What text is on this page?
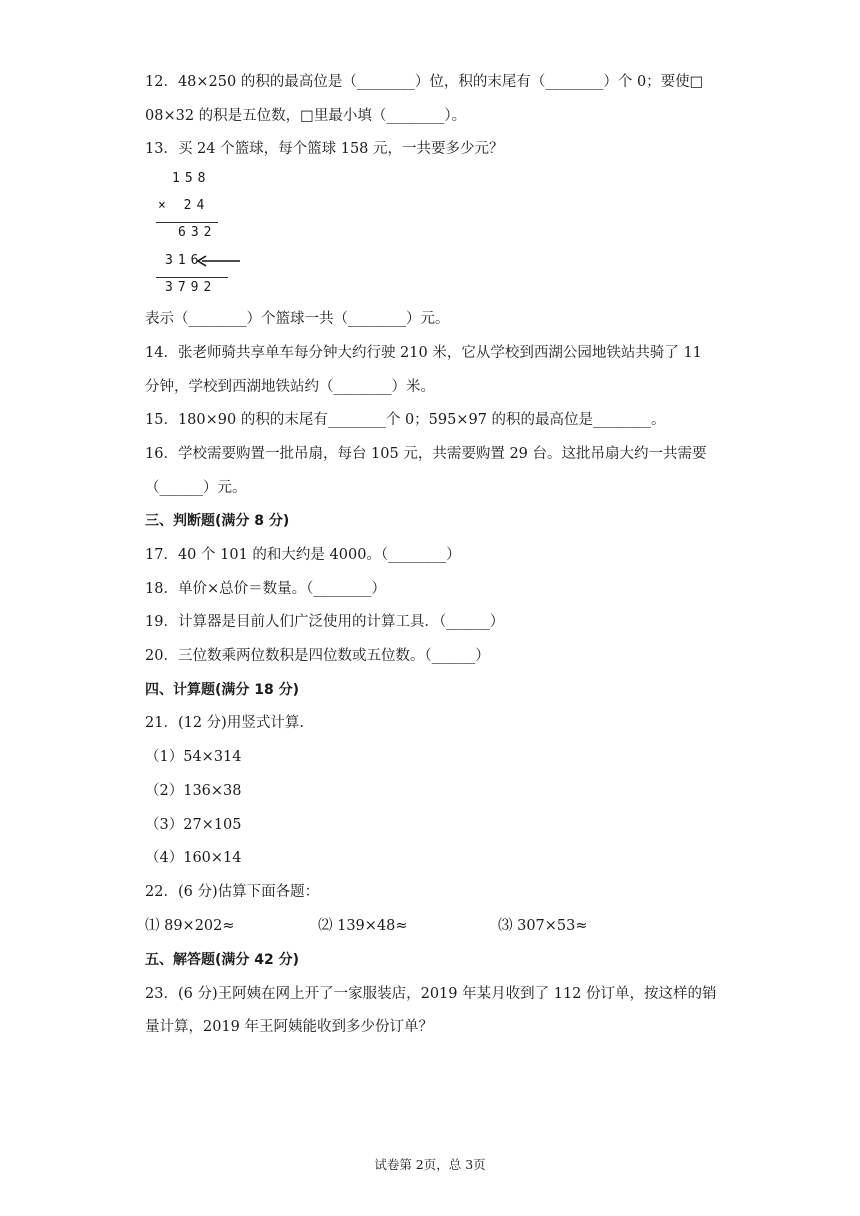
12．48×250 的积的最高位是（________）位，积的末尾有（________）个 0；要使□
08×32 的积是五位数，□里最小填（________）。
13．买 24 个篮球，每个篮球 158 元，一共要多少元？
158
× 24
632
316
3792
表示（________）个篮球一共（________）元。
14．张老师骑共享单车每分钟大约行驶 210 米，它从学校到西湖公园地铁站共骑了 11
分钟，学校到西湖地铁站约（________）米。
15．180×90 的积的末尾有________个 0；595×97 的积的最高位是________。
16．学校需要购置一批吊扇，每台 105 元，共需要购置 29 台。这批吊扇大约一共需要
（______）元。
三、判断题(满分 8 分)
17．40 个 101 的和大约是 4000。（________）
18．单价×总价＝数量。（________）
19．计算器是目前人们广泛使用的计算工具．（______）
20．三位数乘两位数积是四位数或五位数。（______）
四、计算题(满分 18 分)
21．(12 分)用竖式计算.
（1）54×314
（2）136×38
（3）27×105
（4）160×14
22．(6 分)估算下面各题：
⑴ 89×202≈	⑵ 139×48≈	⑶ 307×53≈
五、解答题(满分 42 分)
23．(6 分)王阿姨在网上开了一家服装店，2019 年某月收到了 112 份订单，按这样的销
量计算，2019 年王阿姨能收到多少份订单？
试卷第 2页，总 3页
